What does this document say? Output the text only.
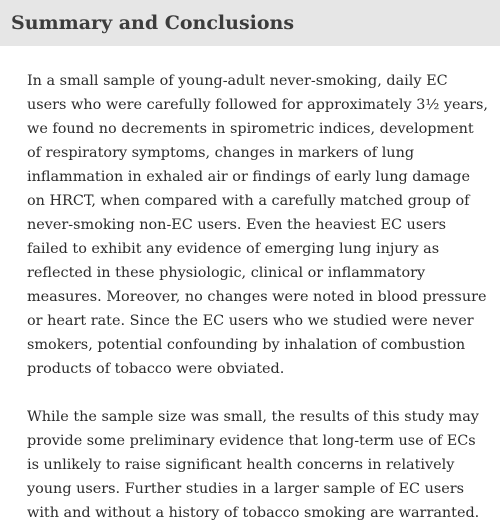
Summary and Conclusions

In a small sample of young-adult never-smoking, daily EC users who were carefully followed for approximately 3½ years, we found no decrements in spirometric indices, development of respiratory symptoms, changes in markers of lung inflammation in exhaled air or findings of early lung damage on HRCT, when compared with a carefully matched group of never-smoking non-EC users. Even the heaviest EC users failed to exhibit any evidence of emerging lung injury as reflected in these physiologic, clinical or inflammatory measures. Moreover, no changes were noted in blood pressure or heart rate. Since the EC users who we studied were never smokers, potential confounding by inhalation of combustion products of tobacco were obviated.

While the sample size was small, the results of this study may provide some preliminary evidence that long-term use of ECs is unlikely to raise significant health concerns in relatively young users. Further studies in a larger sample of EC users with and without a history of tobacco smoking are warranted.
